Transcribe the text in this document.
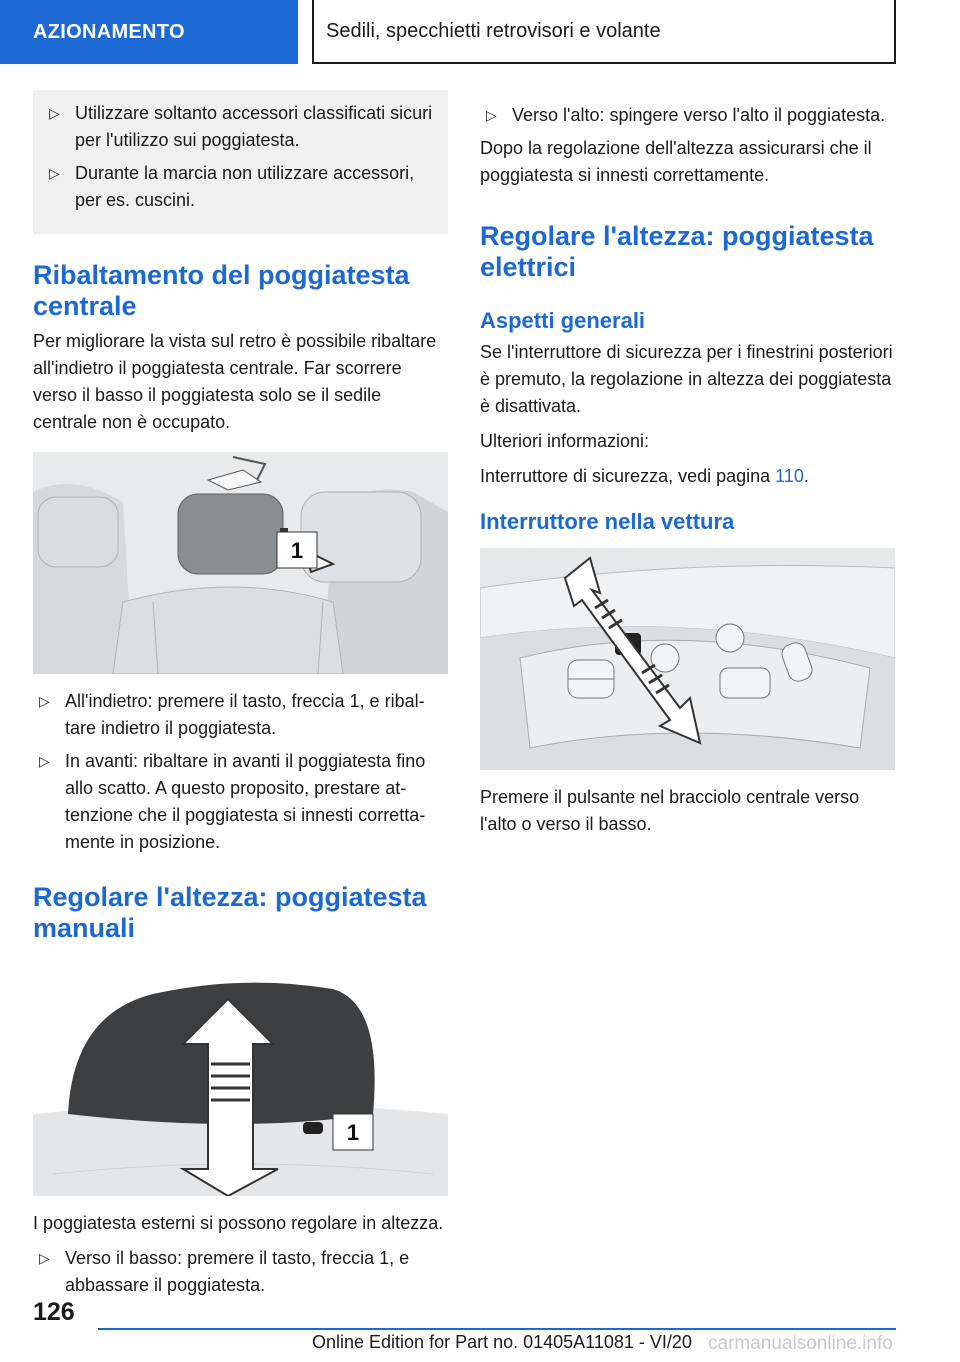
AZIONAMENTO	Sedili, specchietti retrovisori e volante
▷ Utilizzare soltanto accessori classificati sicuri per l'utilizzo sui poggiatesta.
▷ Durante la marcia non utilizzare accessori, per es. cuscini.
Ribaltamento del poggiatesta centrale

Per migliorare la vista sul retro è possibile ribaltare all'indietro il poggiatesta centrale. Far scorrere verso il basso il poggiatesta solo se il sedile centrale non è occupato.

1
▷ All'indietro: premere il tasto, freccia 1, e ribaltare indietro il poggiatesta.
▷ In avanti: ribaltare in avanti il poggiatesta fino allo scatto. A questo proposito, prestare attenzione che il poggiatesta si innesti correttamente in posizione.
Regolare l'altezza: poggiatesta manuali
1

I poggiatesta esterni si possono regolare in altezza.

▷ Verso il basso: premere il tasto, freccia 1, e abbassare il poggiatesta.
▷ Verso l'alto: spingere verso l'alto il poggiatesta.

Dopo la regolazione dell'altezza assicurarsi che il poggiatesta si innesti correttamente.

Regolare l'altezza: poggiatesta elettrici
Aspetti generali

Se l'interruttore di sicurezza per i finestrini posteriori è premuto, la regolazione in altezza dei poggiatesta è disattivata.

Ulteriori informazioni:

Interruttore di sicurezza, vedi pagina 110.

Interruttore nella vettura

Premere il pulsante nel bracciolo centrale verso l'alto o verso il basso.

126
Online Edition for Part no. 01405A11081 - VI/20 carmanualsonline.info
